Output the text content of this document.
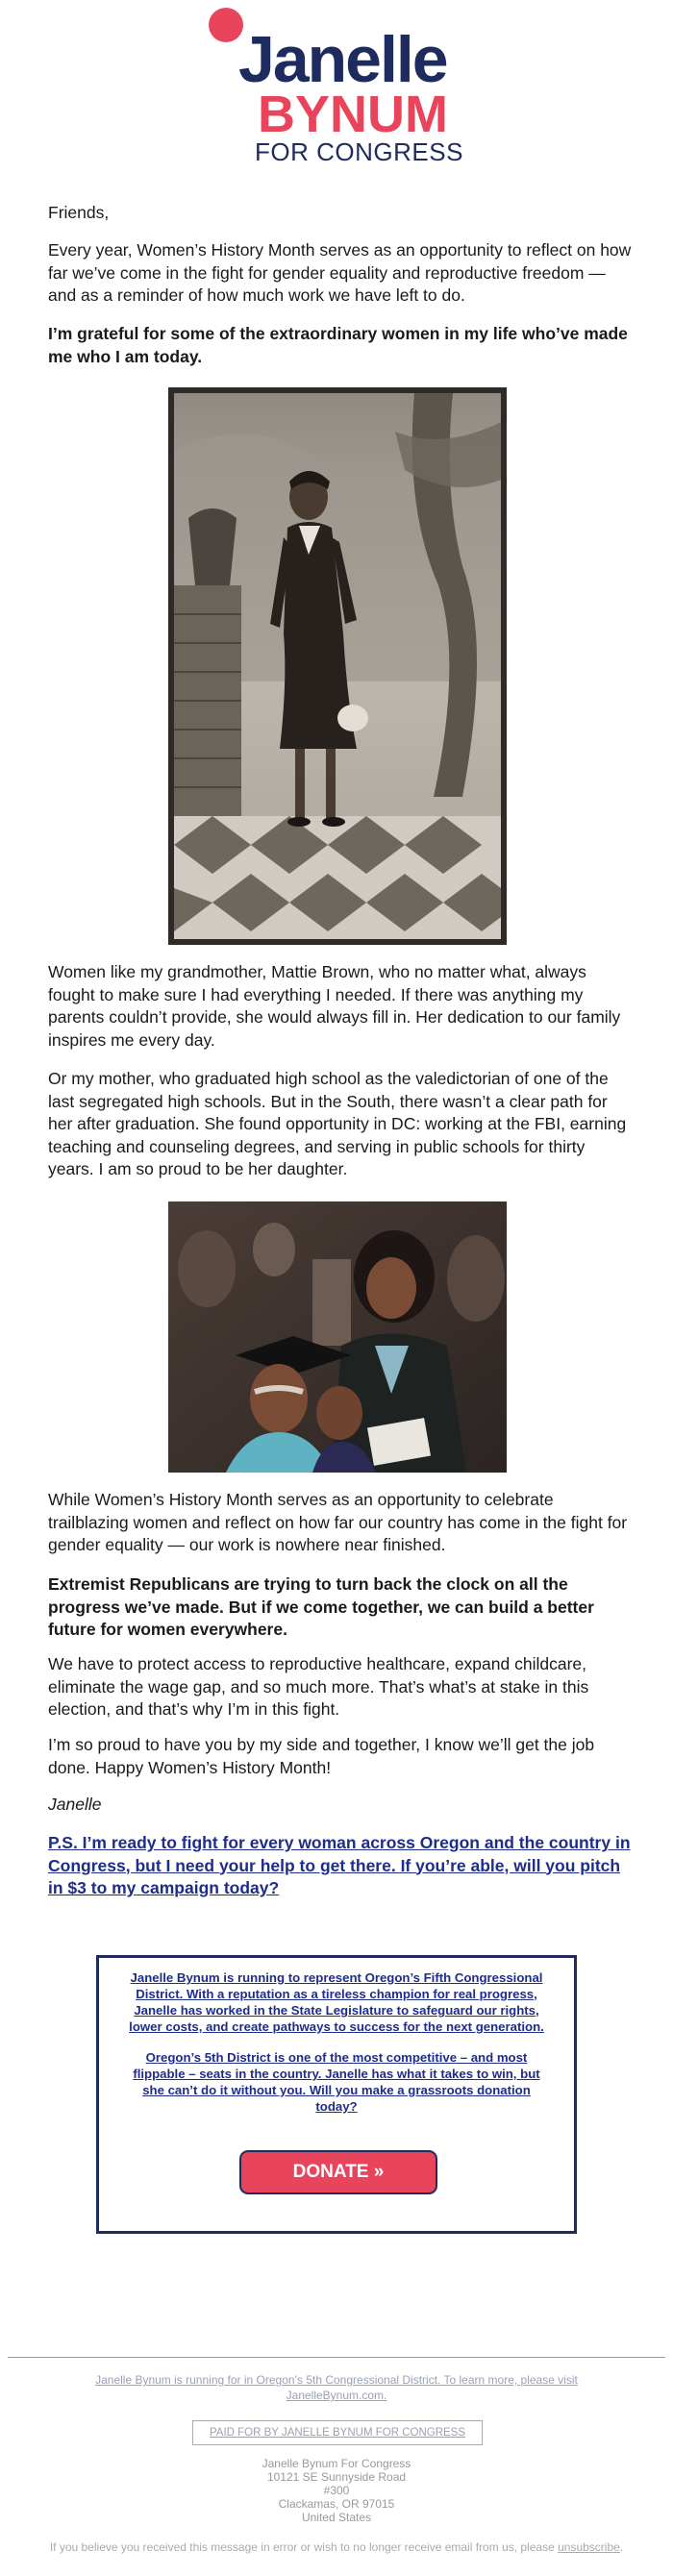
Janelle
BYNUM
FOR CONGRESS

Friends,

Every year, Women’s History Month serves as an opportunity to reflect on how far we’ve come in the fight for gender equality and reproductive freedom — and as a reminder of how much work we have left to do.

I’m grateful for some of the extraordinary women in my life who’ve made me who I am today.

Women like my grandmother, Mattie Brown, who no matter what, always fought to make sure I had everything I needed. If there was anything my parents couldn’t provide, she would always fill in. Her dedication to our family inspires me every day.

Or my mother, who graduated high school as the valedictorian of one of the last segregated high schools. But in the South, there wasn’t a clear path for her after graduation. She found opportunity in DC: working at the FBI, earning teaching and counseling degrees, and serving in public schools for thirty years. I am so proud to be her daughter.

While Women’s History Month serves as an opportunity to celebrate trailblazing women and reflect on how far our country has come in the fight for gender equality — our work is nowhere near finished.

Extremist Republicans are trying to turn back the clock on all the progress we’ve made. But if we come together, we can build a better future for women everywhere.

We have to protect access to reproductive healthcare, expand childcare, eliminate the wage gap, and so much more. That’s what’s at stake in this election, and that’s why I’m in this fight.

I’m so proud to have you by my side and together, I know we’ll get the job done. Happy Women’s History Month!

Janelle

P.S. I’m ready to fight for every woman across Oregon and the country in Congress, but I need your help to get there. If you’re able, will you pitch in $3 to my campaign today?

Janelle Bynum is running to represent Oregon’s Fifth Congressional District. With a reputation as a tireless champion for real progress, Janelle has worked in the State Legislature to safeguard our rights, lower costs, and create pathways to success for the next generation.

Oregon’s 5th District is one of the most competitive – and most flippable – seats in the country. Janelle has what it takes to win, but she can’t do it without you. Will you make a grassroots donation today?

DONATE »

Janelle Bynum is running for in Oregon’s 5th Congressional District. To learn more, please visit JanelleBynum.com.

PAID FOR BY JANELLE BYNUM FOR CONGRESS

Janelle Bynum For Congress

10121 SE Sunnyside Road

#300

Clackamas, OR 97015

United States

If you believe you received this message in error or wish to no longer receive email from us, please unsubscribe.
